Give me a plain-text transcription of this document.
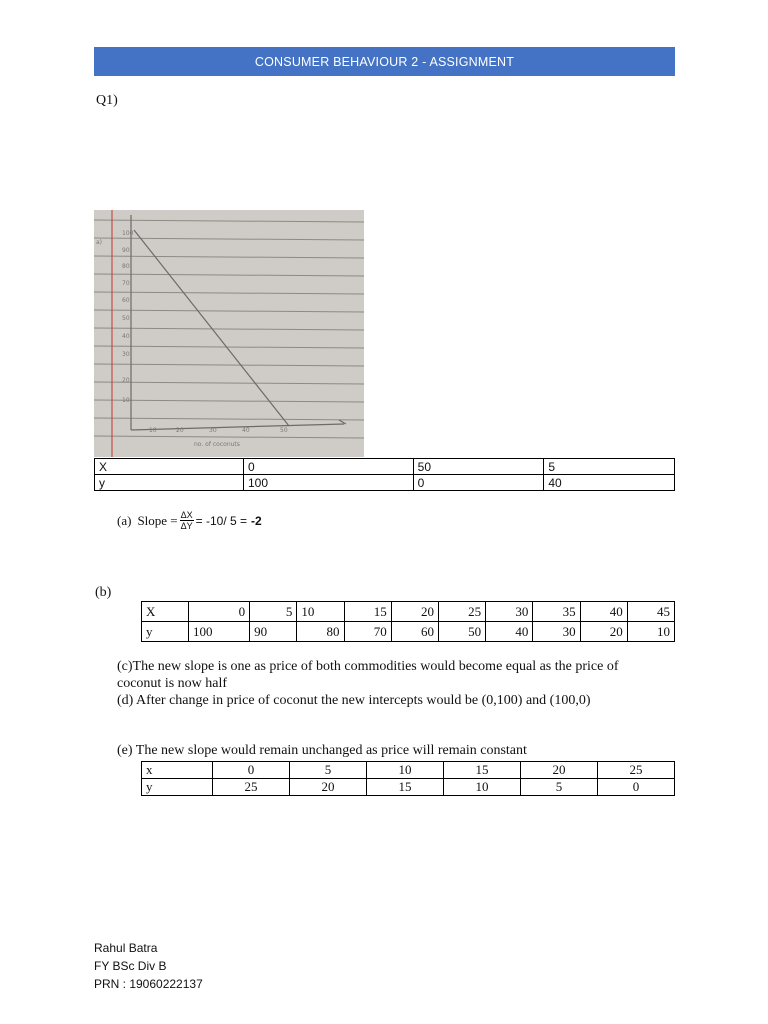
CONSUMER BEHAVIOUR 2 - ASSIGNMENT
Q1)
100
90
80
70
60
50
40
30
20
10
10	20	30	40	50
no. of coconuts
a)
X	0	50	5
y	100	0	40
(a) Slope = $\frac{\Delta X}{\Delta Y} = -10/$ 5 = -2
(b)
X	0	5	10	15	20	25	30	35	40	45
y	100	90	80	70	60	50	40	30	20	10
(c)The new slope is one as price of both commodities would become equal as the price of
coconut is now half
(d) After change in price of coconut the new intercepts would be (0,100) and (100,0)
(e) The new slope would remain unchanged as price will remain constant
x	0	5	10	15	20	25
y	25	20	15	10	5	0
Rahul Batra
FY BSc Div B
PRN : 19060222137
